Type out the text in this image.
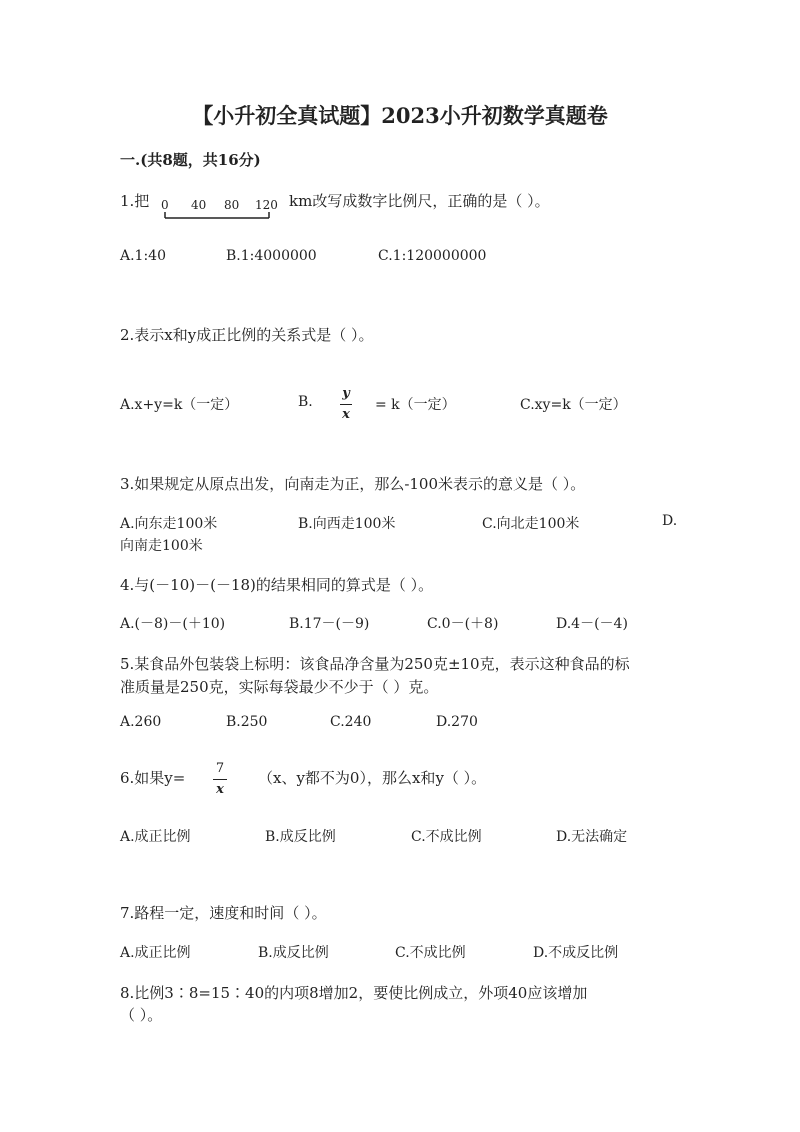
【小升初全真试题】2023小升初数学真题卷
一.(共8题，共16分)
1.把 0 40 80 120 km改写成数字比例尺，正确的是（ ）。
A.1:40	B.1:4000000	C.1:120000000
2.表示x和y成正比例的关系式是（ ）。
A.x+y=k（一定）	B.
y
x
= k（一定）	C.xy=k（一定）
3.如果规定从原点出发，向南走为正，那么-100米表示的意义是（ ）。
A.向东走100米	B.向西走100米	C.向北走100米	D.
向南走100米
4.与(－10)－(－18)的结果相同的算式是（ ）。
A.(－8)－(＋10)	B.17－(－9)	C.0－(＋8)	D.4－(－4)
5.某食品外包装袋上标明：该食品净含量为250克±10克，表示这种食品的标
准质量是250克，实际每袋最少不少于（ ）克。
A.260	B.250	C.240	D.270
6.如果y=
7
x
（x、y都不为0），那么x和y（ ）。
A.成正比例	B.成反比例	C.不成比例	D.无法确定
7.路程一定，速度和时间（ ）。
A.成正比例	B.成反比例	C.不成比例	D.不成反比例
8.比例3∶8=15∶40的内项8增加2，要使比例成立，外项40应该增加
（ ）。
